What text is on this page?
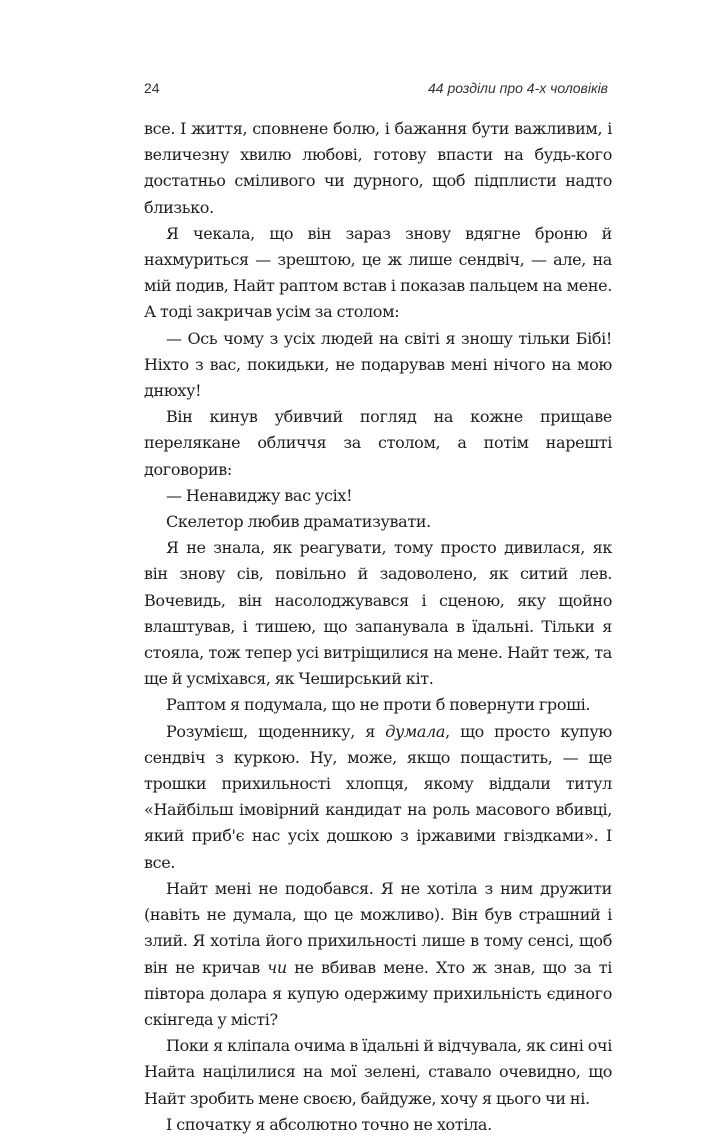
24	44 розділи про 4-х чоловіків

все. І життя, сповнене болю, і бажання бути важливим, і величезну хвилю любові, готову впасти на будь-кого достатньо сміливого чи дурного, щоб підплисти надто близько.

Я чекала, що він зараз знову вдягне броню й нахмуриться — зрештою, це ж лише сендвіч, — але, на мій подив, Найт раптом встав і показав пальцем на мене. А тоді закричав усім за столом:

— Ось чому з усіх людей на світі я зношу тільки Бібі! Ніхто з вас, покидьки, не подарував мені нічого на мою днюху!

Він кинув убивчий погляд на кожне прищаве перелякане обличчя за столом, а потім нарешті договорив:

— Ненавиджу вас усіх!

Скелетор любив драматизувати.

Я не знала, як реагувати, тому просто дивилася, як він знову сів, повільно й задоволено, як ситий лев. Вочевидь, він насолоджувався і сценою, яку щойно влаштував, і тишею, що запанувала в їдальні. Тільки я стояла, тож тепер усі витріщилися на мене. Найт теж, та ще й усміхався, як Чеширський кіт.

Раптом я подумала, що не проти б повернути гроші.

Розумієш, щоденнику, я думала, що просто купую сендвіч з куркою. Ну, може, якщо пощастить, — ще трошки прихильності хлопця, якому віддали титул «Найбільш імовірний кандидат на роль масового вбивці, який приб'є нас усіх дошкою з іржавими гвіздками». І все.

Найт мені не подобався. Я не хотіла з ним дружити (навіть не думала, що це можливо). Він був страшний і злий. Я хотіла його прихильності лише в тому сенсі, щоб він не кричав чи не вбивав мене. Хто ж знав, що за ті півтора долара я купую одержиму прихильність єдиного скінгеда у місті?

Поки я кліпала очима в їдальні й відчувала, як сині очі Найта націлилися на мої зелені, ставало очевидно, що Найт зробить мене своєю, байдуже, хочу я цього чи ні.

І спочатку я абсолютно точно не хотіла.
